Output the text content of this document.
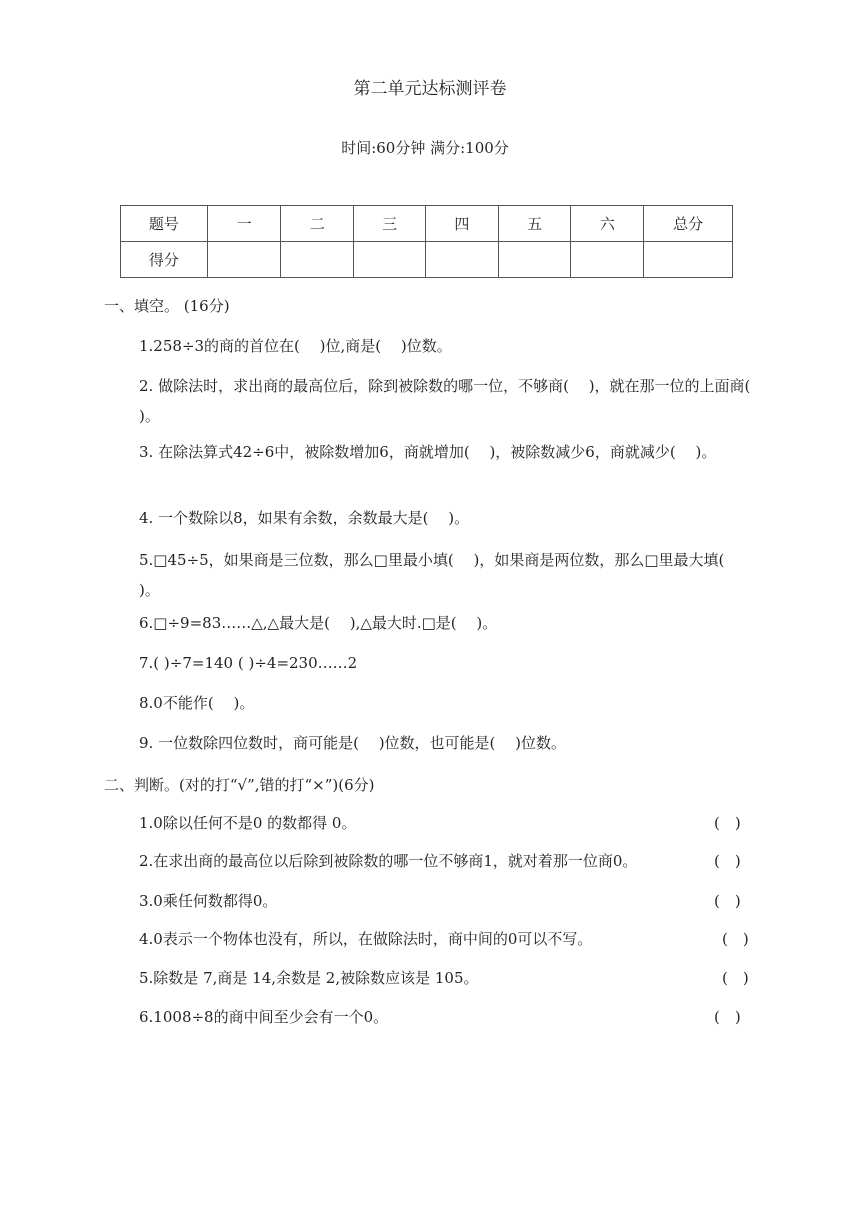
第二单元达标测评卷
时间:60分钟 满分:100分
题号	一	二	三	四	五	六	总分
得分							
一、填空。 (16分)
1.258÷3的商的首位在(　 )位,商是(　 )位数。
2. 做除法时，求出商的最高位后，除到被除数的哪一位，不够商(　 )，就在那一位的上面商(　 )。
3. 在除法算式42÷6中，被除数增加6，商就增加(　 )，被除数减少6，商就减少(　 )。
4. 一个数除以8，如果有余数，余数最大是(　 )。
5.□45÷5，如果商是三位数，那么□里最小填(　 )，如果商是两位数，那么□里最大填(　 )。
6.□÷9=83……△,△最大是(　 ),△最大时.□是(　 )。
7.( )÷7=140 ( )÷4=230……2
8.0不能作(　 )。
9. 一位数除四位数时，商可能是(　 )位数，也可能是(　 )位数。
二、判断。(对的打“√”,错的打“×”)(6分)
1.0除以任何不是0 的数都得 0。	(　)
2.在求出商的最高位以后除到被除数的哪一位不够商1，就对着那一位商0。	(　)
3.0乘任何数都得0。	(　)
4.0表示一个物体也没有，所以，在做除法时，商中间的0可以不写。	(　)
5.除数是 7,商是 14,余数是 2,被除数应该是 105。	(　)
6.1008÷8的商中间至少会有一个0。	(　)
